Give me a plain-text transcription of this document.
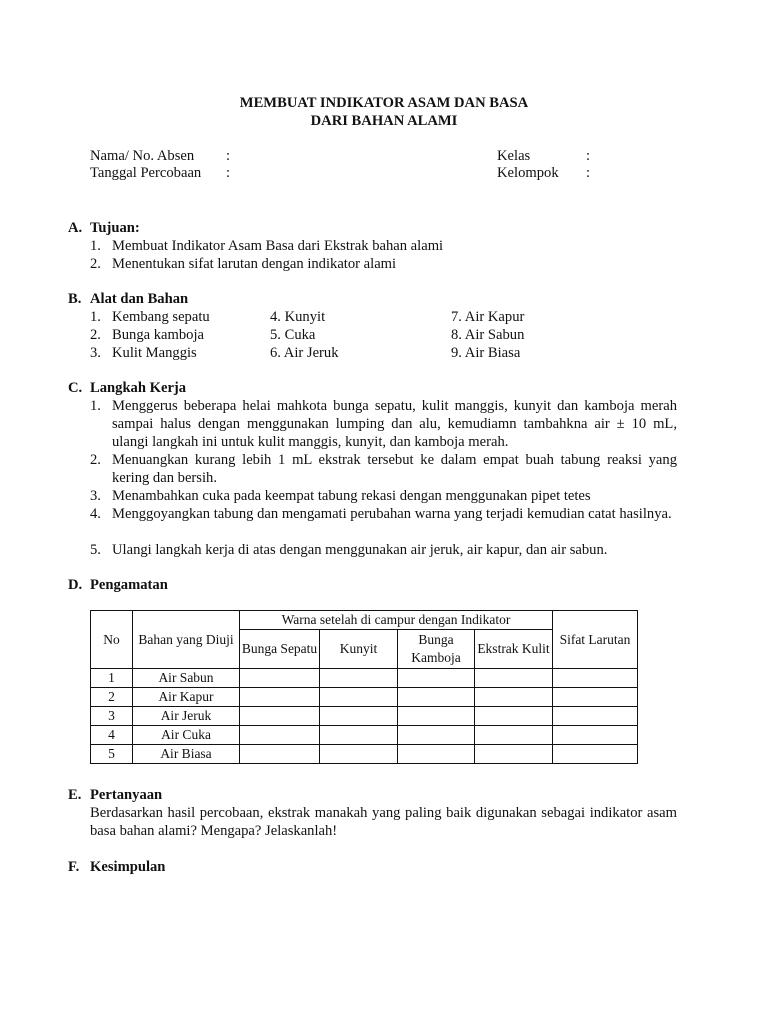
MEMBUAT INDIKATOR ASAM DAN BASA
DARI BAHAN ALAMI
Nama/ No. Absen :
Tanggal Percobaan :
Kelas	:
Kelompok :
A. Tujuan:
1. Membuat Indikator Asam Basa dari Ekstrak bahan alami
2. Menentukan sifat larutan dengan indikator alami
B. Alat dan Bahan
1. Kembang sepatu
2. Bunga kamboja
3. Kulit Manggis
4. Kunyit
5. Cuka
6. Air Jeruk
7. Air Kapur
8. Air Sabun
9. Air Biasa
C. Langkah Kerja
1. Menggerus beberapa helai mahkota bunga sepatu, kulit manggis, kunyit dan kamboja merah sampai halus dengan menggunakan lumping dan alu, kemudiamn tambahkna air ± 10 mL, ulangi langkah ini untuk kulit manggis, kunyit, dan kamboja merah.
2. Menuangkan kurang lebih 1 mL ekstrak tersebut ke dalam empat buah tabung reaksi yang kering dan bersih.
3. Menambahkan cuka pada keempat tabung rekasi dengan menggunakan pipet tetes
4. Menggoyangkan tabung dan mengamati perubahan warna yang terjadi kemudian catat hasilnya.
5. Ulangi langkah kerja di atas dengan menggunakan air jeruk, air kapur, dan air sabun.
D. Pengamatan
No	Bahan yang Diuji	Warna setelah di campur dengan Indikator				Sifat Larutan
		Bunga Sepatu	Kunyit	Bunga Kamboja	Ekstrak Kulit	
1	Air Sabun					
2	Air Kapur					
3	Air Jeruk					
4	Air Cuka					
5	Air Biasa					
E. Pertanyaan
Berdasarkan hasil percobaan, ekstrak manakah yang paling baik digunakan sebagai indikator asam basa bahan alami? Mengapa? Jelaskanlah!
F. Kesimpulan
